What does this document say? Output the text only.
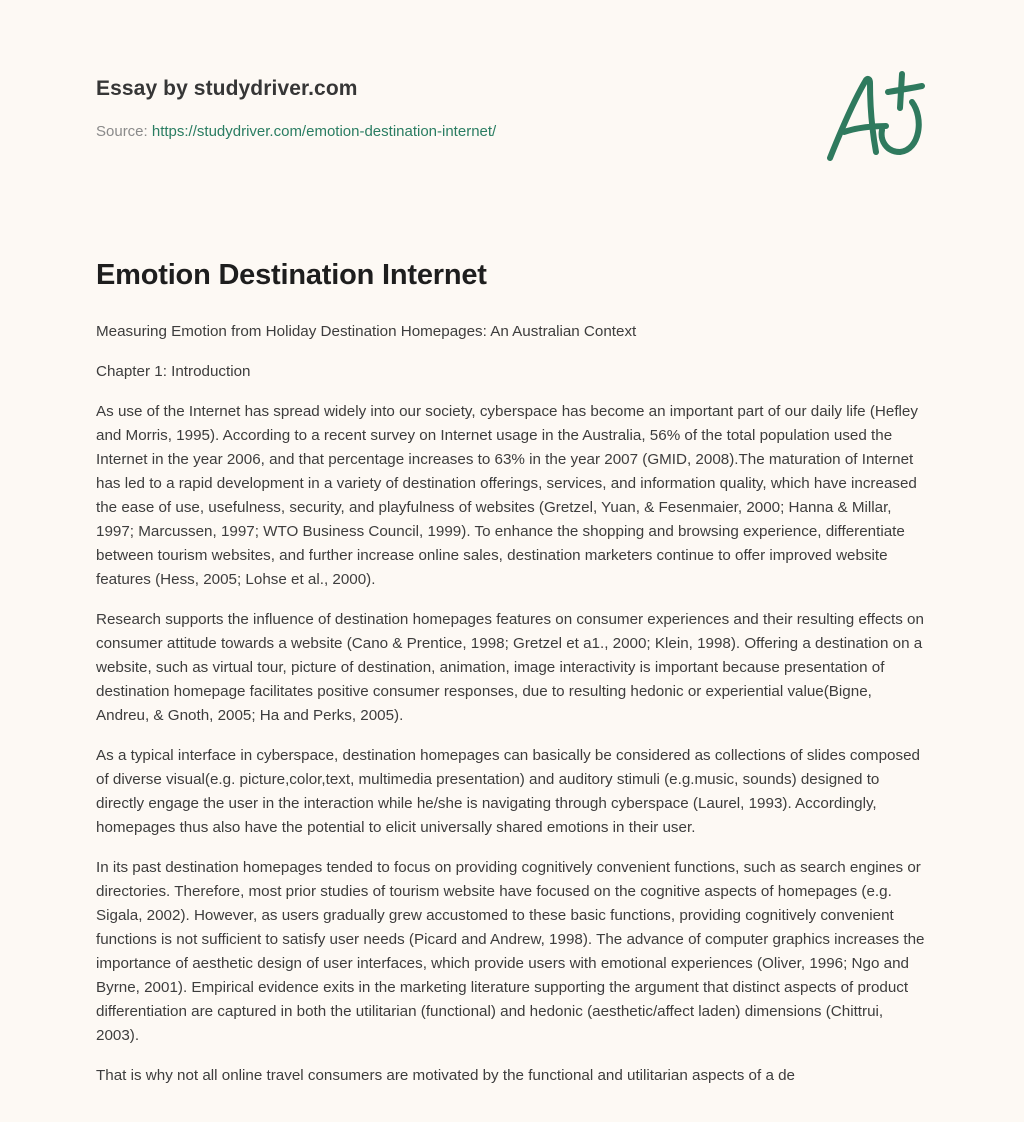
Essay by studydriver.com
Source: https://studydriver.com/emotion-destination-internet/
Emotion Destination Internet

Measuring Emotion from Holiday Destination Homepages: An Australian Context

Chapter 1: Introduction

As use of the Internet has spread widely into our society, cyberspace has become an important part of our daily life (Hefley and Morris, 1995). According to a recent survey on Internet usage in the Australia, 56% of the total population used the Internet in the year 2006, and that percentage increases to 63% in the year 2007 (GMID, 2008).The maturation of Internet has led to a rapid development in a variety of destination offerings, services, and information quality, which have increased the ease of use, usefulness, security, and playfulness of websites (Gretzel, Yuan, & Fesenmaier, 2000; Hanna & Millar, 1997; Marcussen, 1997; WTO Business Council, 1999). To enhance the shopping and browsing experience, differentiate between tourism websites, and further increase online sales, destination marketers continue to offer improved website features (Hess, 2005; Lohse et al., 2000).

Research supports the influence of destination homepages features on consumer experiences and their resulting effects on consumer attitude towards a website (Cano & Prentice, 1998; Gretzel et a1., 2000; Klein, 1998). Offering a destination on a website, such as virtual tour, picture of destination, animation, image interactivity is important because presentation of destination homepage facilitates positive consumer responses, due to resulting hedonic or experiential value(Bigne, Andreu, & Gnoth, 2005; Ha and Perks, 2005).

As a typical interface in cyberspace, destination homepages can basically be considered as collections of slides composed of diverse visual(e.g. picture,color,text, multimedia presentation) and auditory stimuli (e.g.music, sounds) designed to directly engage the user in the interaction while he/she is navigating through cyberspace (Laurel, 1993). Accordingly, homepages thus also have the potential to elicit universally shared emotions in their user.

In its past destination homepages tended to focus on providing cognitively convenient functions, such as search engines or directories. Therefore, most prior studies of tourism website have focused on the cognitive aspects of homepages (e.g. Sigala, 2002). However, as users gradually grew accustomed to these basic functions, providing cognitively convenient functions is not sufficient to satisfy user needs (Picard and Andrew, 1998). The advance of computer graphics increases the importance of aesthetic design of user interfaces, which provide users with emotional experiences (Oliver, 1996; Ngo and Byrne, 2001). Empirical evidence exits in the marketing literature supporting the argument that distinct aspects of product differentiation are captured in both the utilitarian (functional) and hedonic (aesthetic/affect laden) dimensions (Chittrui, 2003).

That is why not all online travel consumers are motivated by the functional and utilitarian aspects of a de
